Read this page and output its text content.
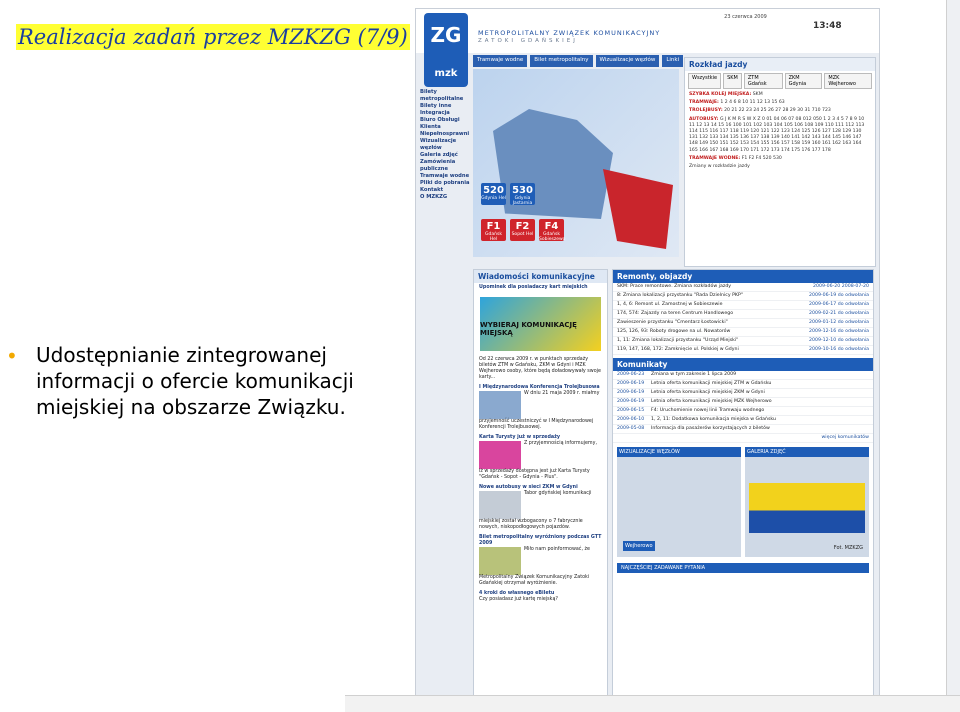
Realizacja zadań przez MZKZG (7/9)
• Udostępnianie zintegrowanej informacji o ofercie komunikacji miejskiej na obszarze Związku.
METROPOLITALNY ZWIĄZEK KOMUNIKACYJNY
ZATOKI GDAŃSKIEJ
23 czerwca 2009
13:48
ZG
mzk
Tramwaje wodne	Bilet metropolitalny	Wizualizacje węzłów	Linki
Bilety metropolitalne
Bilety inne
Integracja
Biuro Obsługi Klienta
Niepełnosprawni
Wizualizacje węzłów
Galeria zdjęć
Zamówienia publiczne
Tramwaje wodne
Pliki do pobrania
Kontakt
O MZKZG
520
Gdynia Hel
530
Gdynia Jastarnia
F1
Gdańsk Hel
F2
Sopot Hel
F4
Gdańsk Sobieszewo
Rozkład jazdy
Wszystkie	SKM	ZTM Gdańsk
ZKM Gdynia
MZK Wejherowo
SZYBKA KOLEJ MIEJSKA: SKM
TRAMWAJE: 1 2 4 6 8 10 11 12 13 15 63
TROLEJBUSY: 20 21 22 23 24 25 26 27 28 29 30 31 710 723
AUTOBUSY: G J K M R S W X Z 0 01 04 06 07 08 012 050 1 2 3 4 5 7 8 9 10 11 12 13 14 15 16 100 101 102 103 104 105 106 108 109 110 111 112 113 114 115 116 117 118 119 120 121 122 123 124 125 126 127 128 129 130 131 132 133 134 135 136 137 138 139 140 141 142 143 144 145 146 147 148 149 150 151 152 153 154 155 156 157 158 159 160 161 162 163 164 165 166 167 168 169 170 171 172 173 174 175 176 177 178
TRAMWAJE WODNE: F1 F2 F4 520 530
Zmiany w rozkładzie jazdy
Wiadomości komunikacyjne
Upominek dla posiadaczy kart miejskich
WYBIERAJ KOMUNIKACJĘ MIEJSKĄ
Od 22 czerwca 2009 r. w punktach sprzedaży biletów ZTM w Gdańsku, ZKM w Gdyni i MZK Wejherowo osoby, które będą doładowywały swoje karty...
I Międzynarodowa Konferencja Trolejbusowa
W dniu 21 maja 2009 r. miałmy przyjemność uczestniczyć w I Międzynarodowej Konferencji Trolejbusowej.
Karta Turysty już w sprzedaży
Z przyjemnością informujemy, iż w sprzedaży dostępna jest już Karta Turysty "Gdańsk - Sopot - Gdynia - Plus".
Nowe autobusy w sieci ZKM w Gdyni
Tabor gdyńskiej komunikacji miejskiej został wzbogacony o 7 fabrycznie nowych, niskopodłogowych pojazdów.
Bilet metropolitalny wyróżniony podczas GTT 2009
Miło nam poinformować, że Metropolitalny Związek Komunikacyjny Zatoki Gdańskiej otrzymał wyróżnienie.
4 kroki do własnego eBiletu
Czy posiadasz już kartę miejską?
Remonty, objazdy
SKM: Prace remontowe. Zmiana rozkładów jazdy	2009-06-20 2008-07-20
8: Zmiana lokalizacji przystanku "Rada Dzielnicy PKP"	2009-06-19 do odwołania
1, 4, 6: Remont ul. Zamostnej w Sobieszewie	2009-06-17 do odwołania
174, 574: Zajazdy na teren Centrum Handlowego	2009-02-21 do odwołania
Zawieszenie przystanku "Cmentarz Łostowicki"	2009-01-12 do odwołania
125, 126, 93: Roboty drogowe na ul. Nowatorów	2009-12-16 do odwołania
1, 11: Zmiana lokalizacji przystanku "Urząd Miejski"	2009-12-10 do odwołania
119, 147, 168, 172: Zamknięcie ul. Polskiej w Gdyni	2009-10-16 do odwołania
Komunikaty
2009-06-23	Zmiana w tym zakresie 1 lipca 2009
2009-06-19	Letnia oferta komunikacji miejskiej ZTM w Gdańsku
2009-06-19	Letnia oferta komunikacji miejskiej ZKM w Gdyni
2009-06-19	Letnia oferta komunikacji miejskiej MZK Wejherowo
2009-06-15	F4: Uruchomienie nowej linii Tramwaju wodnego
2009-06-10	1, 2, 11: Dodatkowa komunikacja miejska w Gdańsku
2009-05-08	Informacja dla pasażerów korzystających z biletów
więcej komunikatów
WIZUALIZACJE WĘZŁÓW
Wejherowo
GALERIA ZDJĘĆ
Fot. MZKZG
NAJCZĘŚCIEJ ZADAWANE PYTANIA
